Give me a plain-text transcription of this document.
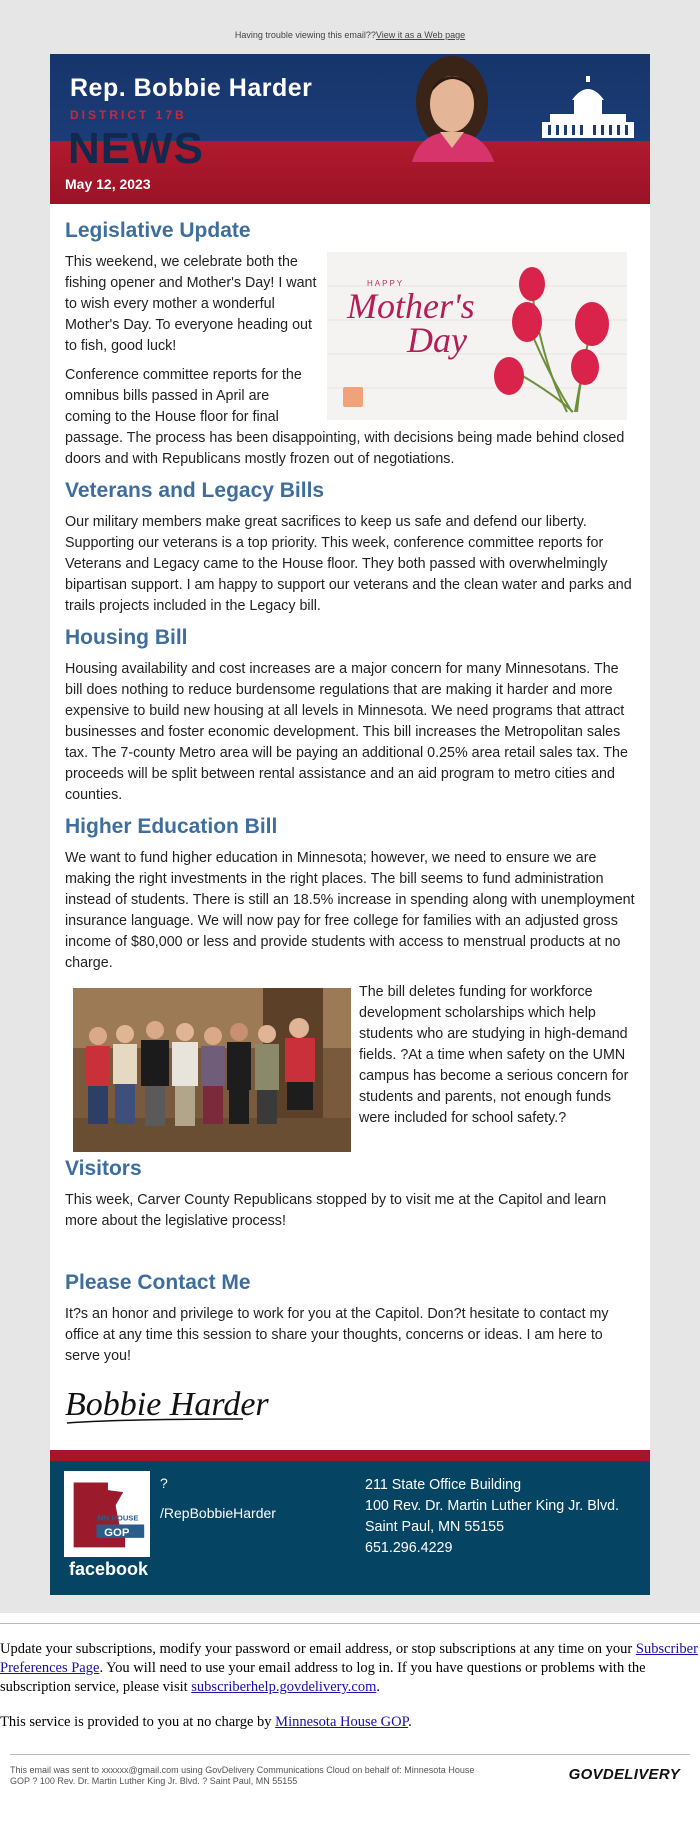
Having trouble viewing this email??View it as a Web page
Rep. Bobbie Harder
DISTRICT 17B
NEWS
May 12, 2023
Legislative Update
HAPPY
Mother's
Day

This weekend, we celebrate both the fishing opener and Mother's Day! I want to wish every mother a wonderful Mother's Day. To everyone heading out to fish, good luck!

Conference committee reports for the omnibus bills passed in April are coming to the House floor for final passage. The process has been disappointing, with decisions being made behind closed doors and with Republicans mostly frozen out of negotiations.

Veterans and Legacy Bills

Our military members make great sacrifices to keep us safe and defend our liberty. Supporting our veterans is a top priority. This week, conference committee reports for Veterans and Legacy came to the House floor. They both passed with overwhelmingly bipartisan support. I am happy to support our veterans and the clean water and parks and trails projects included in the Legacy bill.

Housing Bill

Housing availability and cost increases are a major concern for many Minnesotans. The bill does nothing to reduce burdensome regulations that are making it harder and more expensive to build new housing at all levels in Minnesota. We need programs that attract businesses and foster economic development. This bill increases the Metropolitan sales tax. The 7-county Metro area will be paying an additional 0.25% area retail sales tax. The proceeds will be split between rental assistance and an aid program to metro cities and counties.

Higher Education Bill

We want to fund higher education in Minnesota; however, we need to ensure we are making the right investments in the right places. The bill seems to fund administration instead of students. There is still an 18.5% increase in spending along with unemployment insurance language. We will now pay for free college for families with an adjusted gross income of $80,000 or less and provide students with access to menstrual products at no charge.

The bill deletes funding for workforce development scholarships which help students who are studying in high-demand fields. ?At a time when safety on the UMN campus has become a serious concern for students and parents, not enough funds were included for school safety.?

Visitors

This week, Carver County Republicans stopped by to visit me at the Capitol and learn more about the legislative process!

Please Contact Me

It?s an honor and privilege to work for you at the Capitol. Don?t hesitate to contact my office at any time this session to share your thoughts, concerns or ideas. I am here to serve you!

Bobbie Harder
MN HOUSE
GOP
facebook
?
/RepBobbieHarder
211 State Office Building
100 Rev. Dr. Martin Luther King Jr. Blvd.
Saint Paul, MN 55155
651.296.4229

Update your subscriptions, modify your password or email address, or stop subscriptions at any time on your Subscriber Preferences Page. You will need to use your email address to log in. If you have questions or problems with the subscription service, please visit subscriberhelp.govdelivery.com.

This service is provided to you at no charge by Minnesota House GOP.

This email was sent to xxxxxx@gmail.com using GovDelivery Communications Cloud on behalf of: Minnesota House GOP ? 100 Rev. Dr. Martin Luther King Jr. Blvd. ? Saint Paul, MN 55155	GOVDELIVERY
